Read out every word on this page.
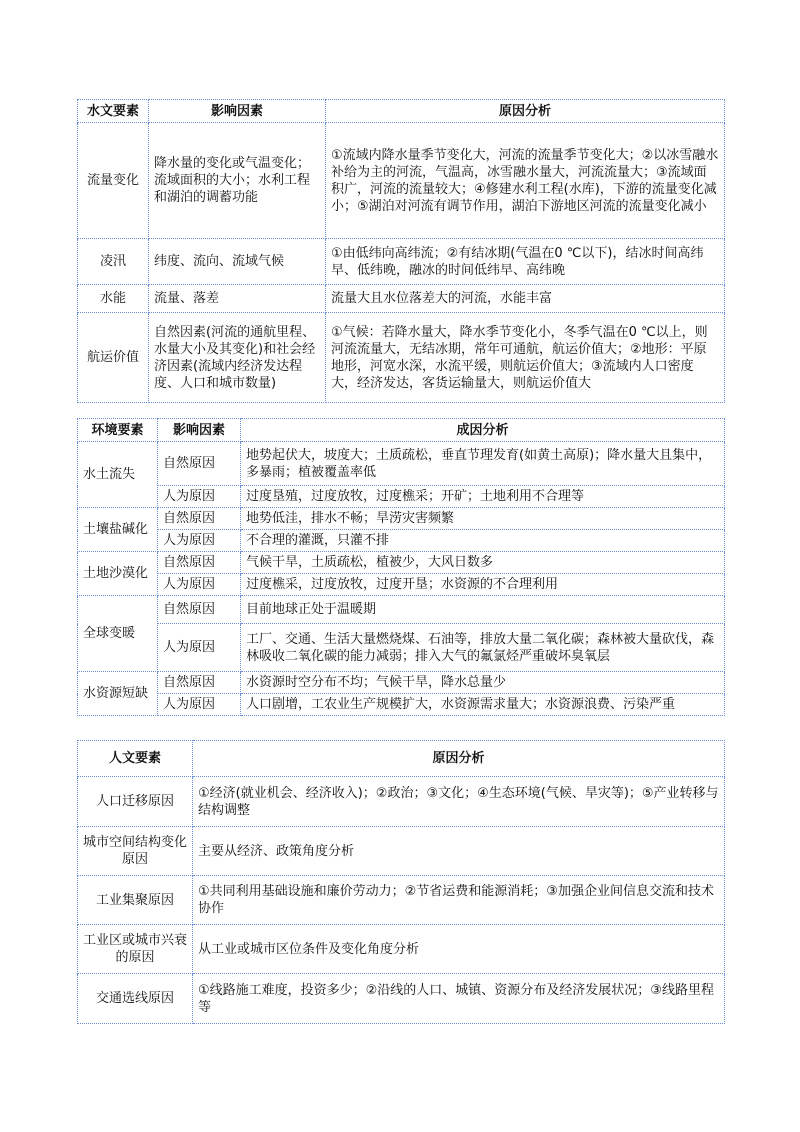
水文要素	影响因素	原因分析
流量变化	降水量的变化或气温变化；流域面积的大小；水利工程和湖泊的调蓄功能	①流域内降水量季节变化大，河流的流量季节变化大；②以冰雪融水补给为主的河流，气温高，冰雪融水量大，河流流量大；③流域面积广，河流的流量较大；④修建水利工程(水库)，下游的流量变化减小；⑤湖泊对河流有调节作用，湖泊下游地区河流的流量变化减小
凌汛	纬度、流向、流域气候	①由低纬向高纬流；②有结冰期(气温在0 ℃以下)，结冰时间高纬早、低纬晚，融冰的时间低纬早、高纬晚
水能	流量、落差	流量大且水位落差大的河流，水能丰富
航运价值	自然因素(河流的通航里程、水量大小及其变化)和社会经济因素(流域内经济发达程度、人口和城市数量)	①气候：若降水量大，降水季节变化小，冬季气温在0 ℃以上，则河流流量大，无结冰期，常年可通航，航运价值大；②地形：平原地形，河宽水深，水流平缓，则航运价值大；③流域内人口密度大，经济发达，客货运输量大，则航运价值大
环境要素	影响因素	成因分析
水土流失	自然原因	地势起伏大，坡度大；土质疏松，垂直节理发育(如黄土高原)；降水量大且集中，多暴雨；植被覆盖率低
	人为原因	过度垦殖，过度放牧，过度樵采；开矿；土地利用不合理等
土壤盐碱化	自然原因	地势低洼，排水不畅；旱涝灾害频繁
	人为原因	不合理的灌溉，只灌不排
土地沙漠化	自然原因	气候干旱，土质疏松，植被少，大风日数多
	人为原因	过度樵采，过度放牧，过度开垦；水资源的不合理利用
全球变暖	自然原因	目前地球正处于温暖期
	人为原因	工厂、交通、生活大量燃烧煤、石油等，排放大量二氧化碳；森林被大量砍伐，森林吸收二氧化碳的能力减弱；排入大气的氟氯烃严重破坏臭氧层
水资源短缺	自然原因	水资源时空分布不均；气候干旱，降水总量少
	人为原因	人口剧增，工农业生产规模扩大，水资源需求量大；水资源浪费、污染严重
人文要素	原因分析
人口迁移原因	①经济(就业机会、经济收入)；②政治；③文化；④生态环境(气候、旱灾等)；⑤产业转移与结构调整
城市空间结构变化原因	主要从经济、政策角度分析
工业集聚原因	①共同利用基础设施和廉价劳动力；②节省运费和能源消耗；③加强企业间信息交流和技术协作
工业区或城市兴衰的原因	从工业或城市区位条件及变化角度分析
交通选线原因	①线路施工难度，投资多少；②沿线的人口、城镇、资源分布及经济发展状况；③线路里程等
